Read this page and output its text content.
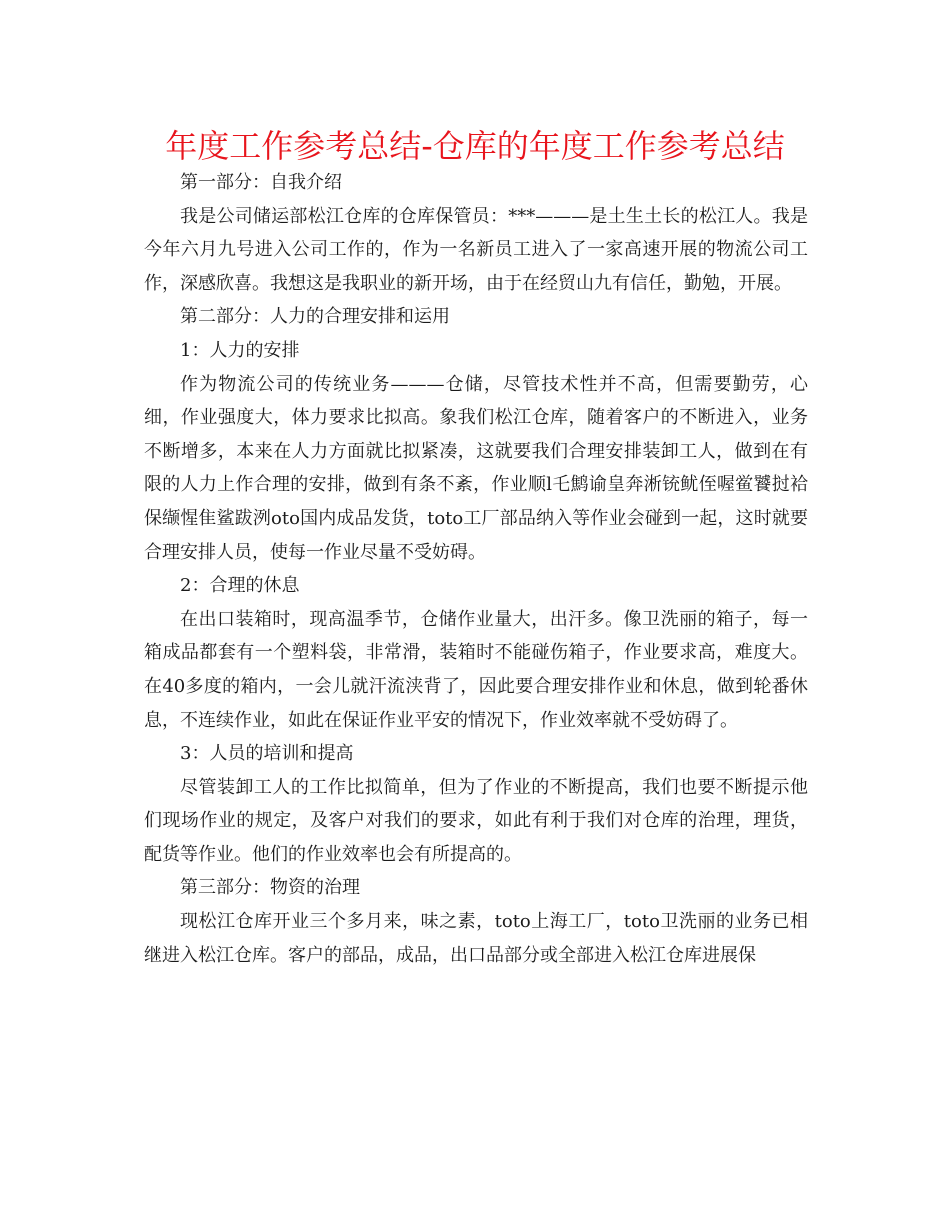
年度工作参考总结-仓库的年度工作参考总结

第一部分：自我介绍

我是公司储运部松江仓库的仓库保管员：***———是土生土长的松江人。我是今年六月九号进入公司工作的，作为一名新员工进入了一家高速开展的物流公司工作，深感欣喜。我想这是我职业的新开场，由于在经贸山九有信任，勤勉，开展。

第二部分：人力的合理安排和运用

1：人力的安排

作为物流公司的传统业务———仓储，尽管技术性并不高，但需要勤劳，心细，作业强度大，体力要求比拟高。象我们松江仓库，随着客户的不断进入，业务不断增多，本来在人力方面就比拟紧凑，这就要我们合理安排装卸工人，做到在有限的人力上作合理的安排，做到有条不紊，作业顺l乇鹪谕皇奔淅铳鱿侄喔鲎饕挝袷保缬惺隹鲨跋洌oto国内成品发货，toto工厂部品纳入等作业会碰到一起，这时就要合理安排人员，使每一作业尽量不受妨碍。

2：合理的休息

在出口装箱时，现高温季节，仓储作业量大，出汗多。像卫洗丽的箱子，每一箱成品都套有一个塑料袋，非常滑，装箱时不能碰伤箱子，作业要求高，难度大。在40多度的箱内，一会儿就汗流浃背了，因此要合理安排作业和休息，做到轮番休息，不连续作业，如此在保证作业平安的情况下，作业效率就不受妨碍了。

3：人员的培训和提高

尽管装卸工人的工作比拟简单，但为了作业的不断提高，我们也要不断提示他们现场作业的规定，及客户对我们的要求，如此有利于我们对仓库的治理，理货，配货等作业。他们的作业效率也会有所提高的。

第三部分：物资的治理

现松江仓库开业三个多月来，味之素，toto上海工厂，toto卫洗丽的业务已相继进入松江仓库。客户的部品，成品，出口品部分或全部进入松江仓库进展保
